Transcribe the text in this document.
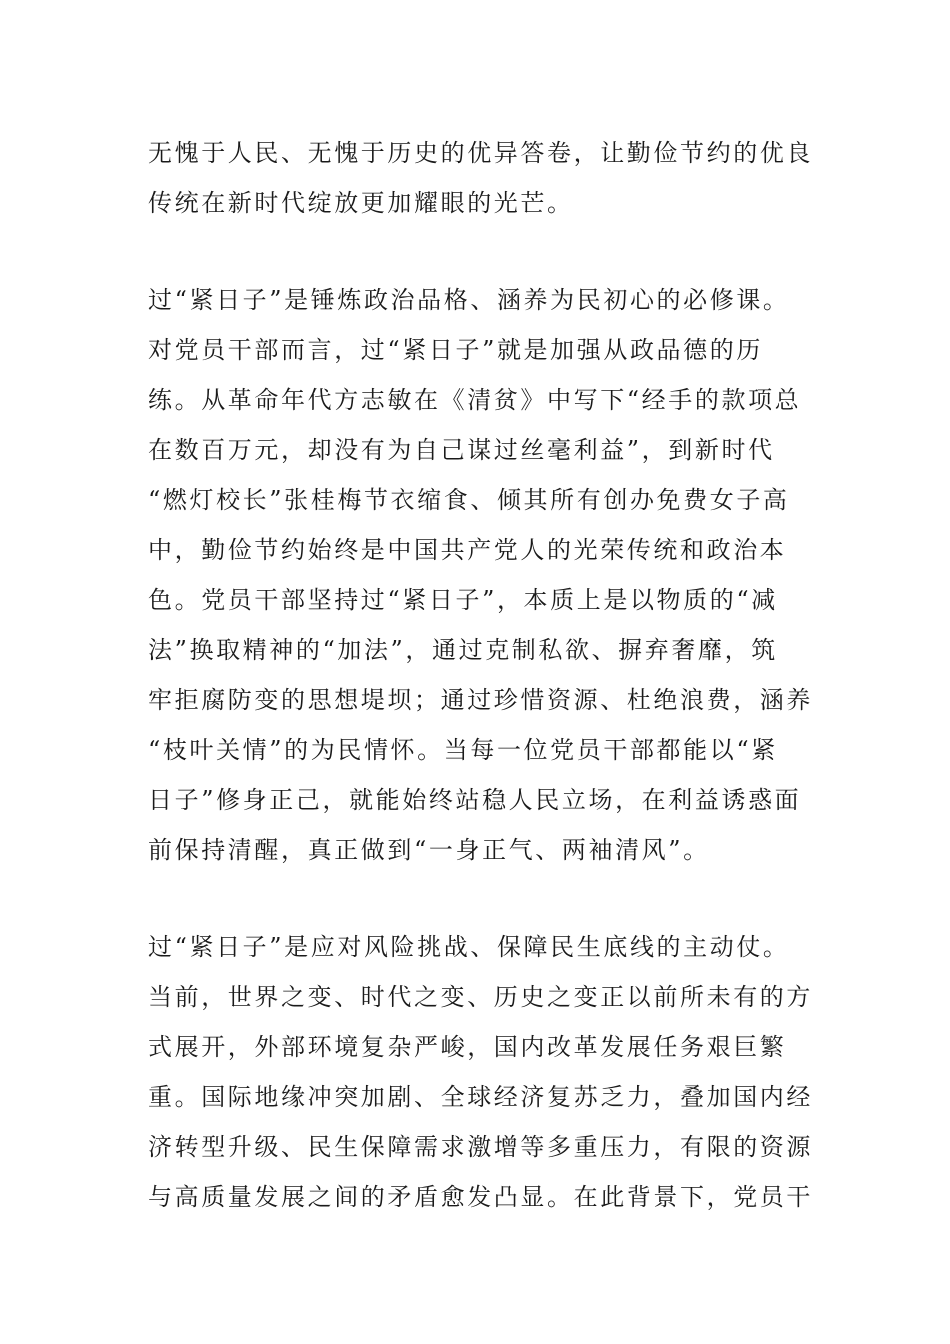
无愧于人民、无愧于历史的优异答卷，让勤俭节约的优良
传统在新时代绽放更加耀眼的光芒。
过“紧日子”是锤炼政治品格、涵养为民初心的必修课。
对党员干部而言，过“紧日子”就是加强从政品德的历
练。从革命年代方志敏在《清贫》中写下“经手的款项总
在数百万元，却没有为自己谋过丝毫利益”，到新时代
“燃灯校长”张桂梅节衣缩食、倾其所有创办免费女子高
中，勤俭节约始终是中国共产党人的光荣传统和政治本
色。党员干部坚持过“紧日子”，本质上是以物质的“减
法”换取精神的“加法”，通过克制私欲、摒弃奢靡，筑
牢拒腐防变的思想堤坝；通过珍惜资源、杜绝浪费，涵养
“枝叶关情”的为民情怀。当每一位党员干部都能以“紧
日子”修身正己，就能始终站稳人民立场，在利益诱惑面
前保持清醒，真正做到“一身正气、两袖清风”。
过“紧日子”是应对风险挑战、保障民生底线的主动仗。
当前，世界之变、时代之变、历史之变正以前所未有的方
式展开，外部环境复杂严峻，国内改革发展任务艰巨繁
重。国际地缘冲突加剧、全球经济复苏乏力，叠加国内经
济转型升级、民生保障需求激增等多重压力，有限的资源
与高质量发展之间的矛盾愈发凸显。在此背景下，党员干
